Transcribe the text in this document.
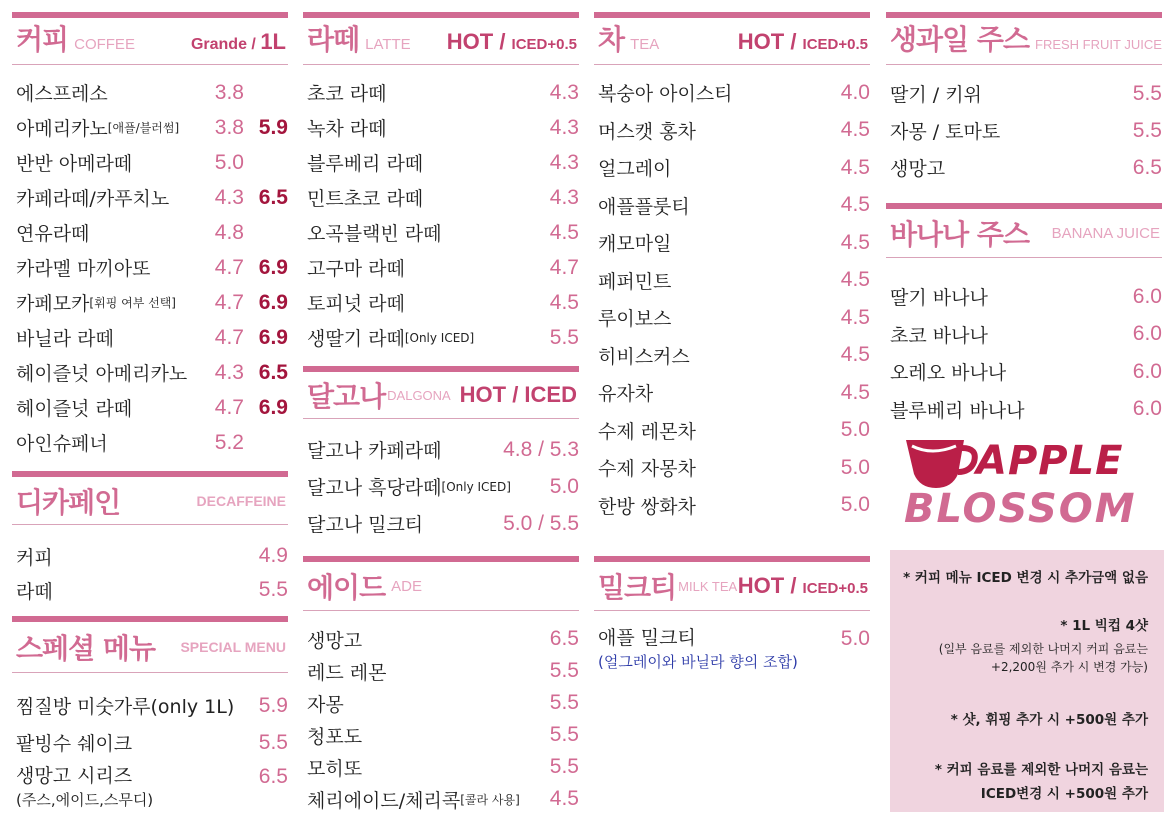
커피 COFFEE	Grande / 1L
에스프레소	3.8
아메리카노 [애플/블러썸] 3.8 5.9
반반 아메라떼	5.0
카페라떼/카푸치노 4.3 6.5
연유라떼	4.8
카라멜 마끼아또	4.7 6.9
카페모카 [휘핑 여부 선택] 4.7 6.9
바닐라 라떼	4.7 6.9
헤이즐넛 아메리카노 4.3 6.5
헤이즐넛 라떼	4.7 6.9
아인슈페너	5.2
디카페인	DECAFFEINE
커피	4.9
라떼	5.5
스페셜 메뉴 SPECIAL MENU
찜질방 미숫가루(only 1L) 5.9
팥빙수 쉐이크	5.5
생망고 시리즈	6.5
(주스,에이드,스무디)
라떼 LATTE HOT / ICED+0.5
초코 라떼	4.3
녹차 라떼	4.3
블루베리 라떼	4.3
민트초코 라떼	4.3
오곡블랙빈 라떼	4.5
고구마 라떼	4.7
토피넛 라떼	4.5
생딸기 라떼 [Only ICED]	5.5
달고나 DALGONA HOT / ICED
달고나 카페라떼	4.8 / 5.3
달고나 흑당라떼 [Only ICED] 5.0
달고나 밀크티	5.0 / 5.5
에이드 ADE
생망고	6.5
레드 레몬	5.5
자몽	5.5
청포도	5.5
모히또	5.5
체리에이드/체리콕 [콜라 사용] 4.5
차 TEA	HOT / ICED+0.5
복숭아 아이스티	4.0
머스캣 홍차	4.5
얼그레이	4.5
애플플룻티	4.5
캐모마일	4.5
페퍼민트	4.5
루이보스	4.5
히비스커스	4.5
유자차	4.5
수제 레몬차	5.0
수제 자몽차	5.0
한방 쌍화차	5.0
밀크티 MILK TEA HOT / ICED+0.5
애플 밀크티	5.0
(얼그레이와 바닐라 향의 조합)
생과일 주스 FRESH FRUIT JUICE
딸기 / 키위	5.5
자몽 / 토마토	5.5
생망고	6.5
바나나 주스 BANANA JUICE
딸기 바나나	6.0
초코 바나나	6.0
오레오 바나나	6.0
블루베리 바나나	6.0
APPLE
BLOSSOM
* 커피 메뉴 ICED 변경 시 추가금액 없음
* 1L 빅컵 4샷
(일부 음료를 제외한 나머지 커피 음료는
+2,200원 추가 시 변경 가능)
* 샷, 휘핑 추가 시 +500원 추가
* 커피 음료를 제외한 나머지 음료는
ICED변경 시 +500원 추가
